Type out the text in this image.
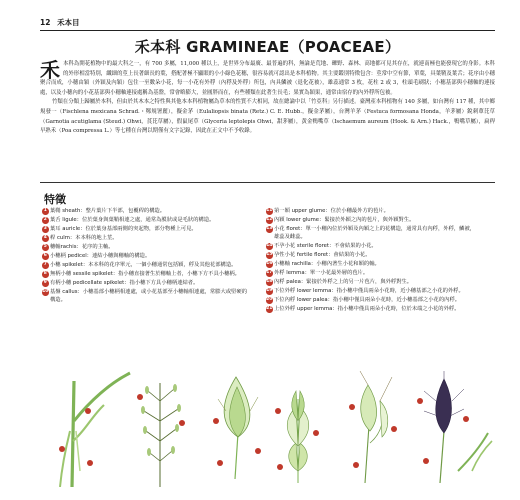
12 禾本目
禾本科 GRAMINEAE（POACEAE）

禾本科為開花植物中的最大科之一，有 700 多屬，11,000 種以上，是世界分布最廣、最普遍的科，無論是荒地、礫野、森林、高地都可見其存在，就連南極也能發現它的身影。本科的外形相當特別，纖細的莖上長著細長的葉，搭配著極不顯眼的小小綠色花穗，很容易就可認出是本科植物。其主要鑑別特徵包含：莖常中空有節，單葉，具葉鞘及葉舌；花序由小穗聚合而成，小穗由穎（外穎及內穎）包住一至數朵小花，每一小花有外稃（內稃及外稃）所包，內具鱗被（退化花被），雄蕊通常 3 枚，花柱 2 或 3，柱頭毛刷狀；小穗基部與小穗軸的連接處，以及小穗內的小花基部與小穗軸連接處稱為基盤，常會略膨大，並圓胖而在，有些種類在此著生長毛；果實為穎果，通常由宿存的內外稃所包被。

竹類在分類上歸屬於本科，但由於其木本之特性與其他本本科植物屬為草本的性質不大相同，故在總論中以「竹亞科」另行描述。臺灣產本科植物有 140 多屬，如台灣有 117 種，其中鄉規發一（Fischlena mexicana Schrad.・鄭規署麗），擬金茅（Eulaliopsis binata (Retz.) C. E. Hubb.，擬金茅屬），台灣羊茅（Festuca formosana Honda，羊茅屬）銳刺蕈芘草（Garnotia acutiglama (Steud.) Ohwi，莨芘草屬），假鼠尾草（Glyceria leptolepis Ohwi，甜茅屬），黃金鴨嘴草（Ischaemum aureum (Hook. & Arn.) Hack.，鴨嘴草屬），扁稈早熟禾（Poa compressa L.）等七種在台灣以期僅有文字記錄，因此在正文中不予收錄。

特徵
1 葉鞘 sheath：整片葉片下半部，包覆稈的構造。
2 葉舌 ligule：位於葉身與葉鞘相連之處，通常為膜狀或是毛狀的構造。
3 葉耳 auricle：位於葉身基部兩側的突起物，部分物種上可見。
4 稈 culm：本本科的地上莖。
5 穗軸rachis：花序的主軸。
6 小穗柄 pedicel：連結小穗與穗軸的構造。
7 小穗 spikelet：本本科的花序單元，一個小穗通常包括穎，稃及其他花部構造。
8 無柄小穗 sessile spikelet：指小穗直接著生於穗軸上者，小穗下方不具小穗柄。
9 有柄小穗 pedicellate spikelet：指小穗下方具小穗柄連結者。
10 基盤 callus：小穗基部小穗柄相連處，或小花基部至小穗軸相連處，常膨大或堅硬的構造。
11 第一穎 upper glume：位於小穗最外方的苞片。
12 內穎 lower glume：緊接於外穎之內的苞片，與外穎對生。
13 小花 floret：單一小穗內位於外穎及內穎之上的花構造，通常具有內稃，外稃，鱗被，雄蕊及雌蕊。
14 不孕小花 sterile floret：不會結果的小花。
15 孕性小花 fertile floret：會結果的小花。
16 小穗軸 rachilla：小穗內著生小花和穎的軸。
17 外稃 lemma：單一小花最外層的苞片。
18 內稃 palea：緊接於外稃之上的另一片苞片，與外稃對生。
19 下位外稃 lower lemma：指小穗中僅具兩朵小花時，近小穗基部之小花的外稃。
20 下位內稃 lower palea：指小穗中僅具兩朵小花時，近小穗基部之小花的內稃。
21 上位外稃 upper lemma：指小穗中僅具兩朵小花時，位於末端之小花的外稃。
